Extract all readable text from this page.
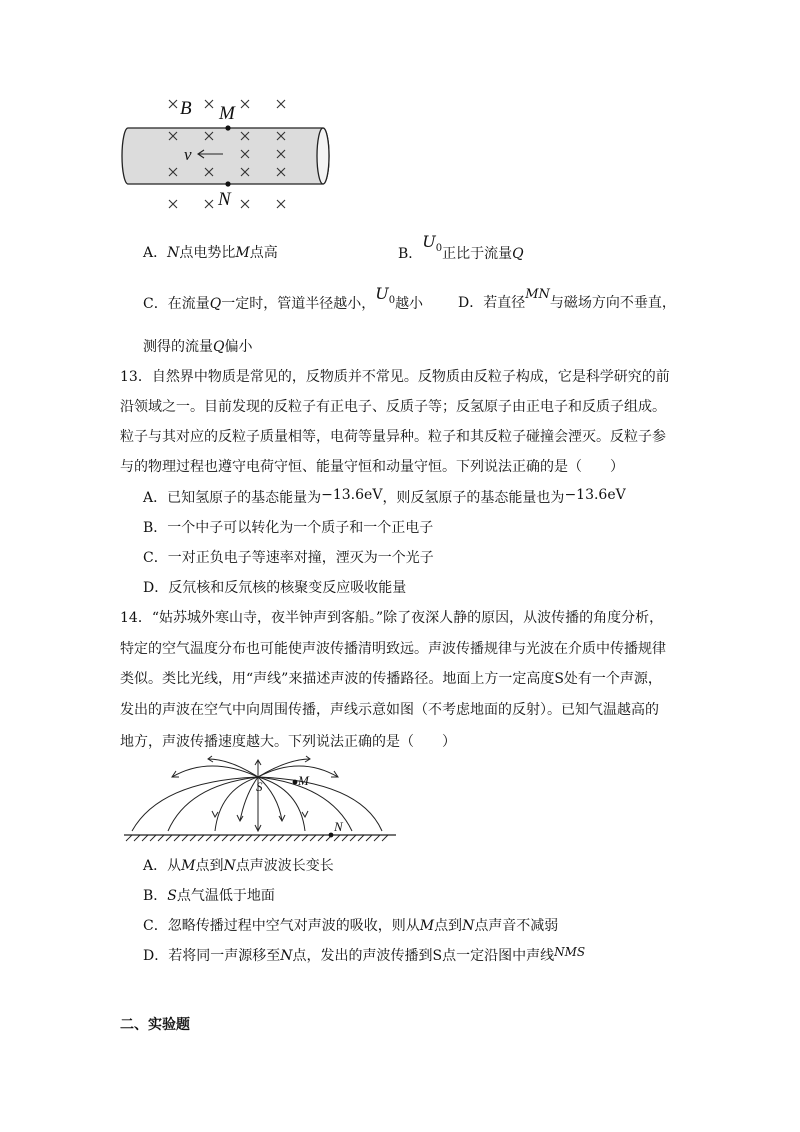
B M
v
N
A．N点电势比M点高	B．$U_0$正比于流量Q
C．在流量Q一定时，管道半径越小，$U_0$越小 D．若直径MN与磁场方向不垂直，
测得的流量Q偏小
13．自然界中物质是常见的，反物质并不常见。反物质由反粒子构成，它是科学研究的前
沿领域之一。目前发现的反粒子有正电子、反质子等；反氢原子由正电子和反质子组成。
粒子与其对应的反粒子质量相等，电荷等量异种。粒子和其反粒子碰撞会湮灭。反粒子参
与的物理过程也遵守电荷守恒、能量守恒和动量守恒。下列说法正确的是（　　）
A．已知氢原子的基态能量为−13.6eV，则反氢原子的基态能量也为−13.6eV
B．一个中子可以转化为一个质子和一个正电子
C．一对正负电子等速率对撞，湮灭为一个光子
D．反氘核和反氘核的核聚变反应吸收能量
14．“姑苏城外寒山寺，夜半钟声到客船。”除了夜深人静的原因，从波传播的角度分析，
特定的空气温度分布也可能使声波传播清明致远。声波传播规律与光波在介质中传播规律
类似。类比光线，用“声线”来描述声波的传播路径。地面上方一定高度S处有一个声源，
发出的声波在空气中向周围传播，声线示意如图（不考虑地面的反射）。已知气温越高的
地方，声波传播速度越大。下列说法正确的是（　　）
S	M
N
A．从M点到N点声波波长变长
B．S点气温低于地面
C．忽略传播过程中空气对声波的吸收，则从M点到N点声音不减弱
D．若将同一声源移至N点，发出的声波传播到S点一定沿图中声线NMS
二、实验题
